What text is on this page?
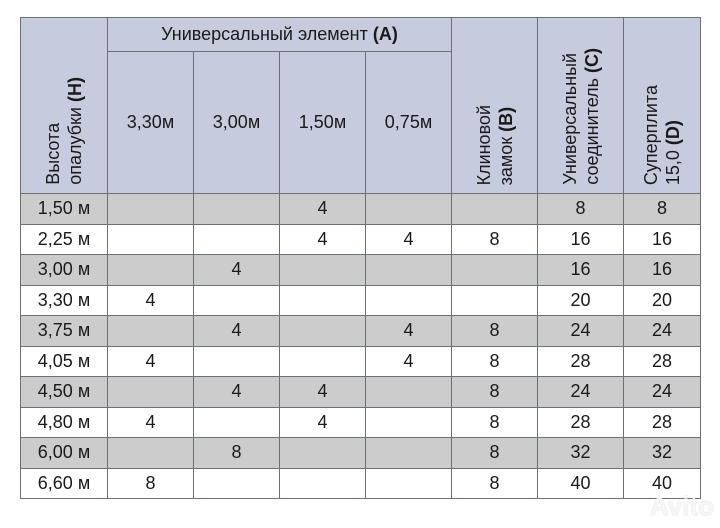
Высота опалубки (H)	Универсальный элемент (A)				Клиновой замок (B)	Универсальный соединитель (C)	Суперплита 15,0 (D)

	3,30м	3,00м	1,50м	0,75м			
1,50 м			4			8	8
2,25 м			4	4	8	16	16
3,00 м		4				16	16
3,30 м	4					20	20
3,75 м		4		4	8	24	24
4,05 м	4			4	8	28	28
4,50 м		4	4		8	24	24
4,80 м	4		4		8	28	28
6,00 м		8			8	32	32
6,60 м	8				8	40	40
Avito
